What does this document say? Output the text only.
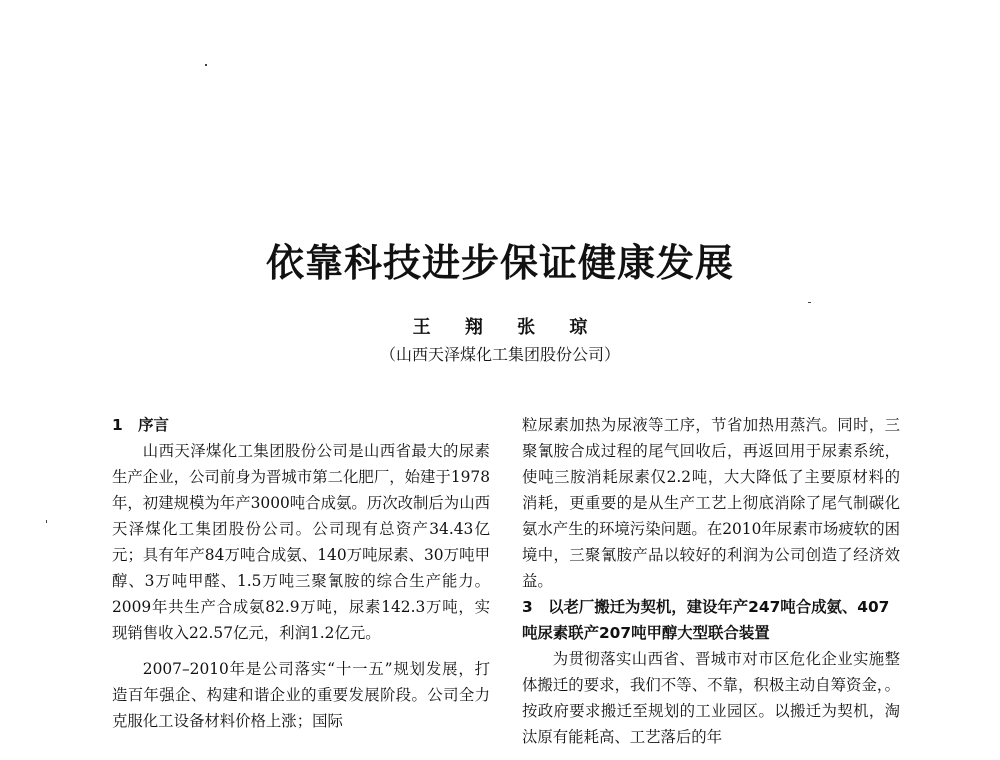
依靠科技进步保证健康发展
王 翔 张 琼
（山西天泽煤化工集团股份公司）
1　序言

山西天泽煤化工集团股份公司是山西省最大的尿素生产企业，公司前身为晋城市第二化肥厂，始建于1978年，初建规模为年产3000吨合成氨。历次改制后为山西天泽煤化工集团股份公司。公司现有总资产34.43亿元；具有年产84万吨合成氨、140万吨尿素、30万吨甲醇、3万吨甲醛、1.5万吨三聚氰胺的综合生产能力。2009年共生产合成氨82.9万吨，尿素142.3万吨，实现销售收入22.57亿元，利润1.2亿元。

2007–2010年是公司落实“十一五”规划发展，打造百年强企、构建和谐企业的重要发展阶段。公司全力克服化工设备材料价格上涨；国际

粒尿素加热为尿液等工序，节省加热用蒸汽。同时，三聚氰胺合成过程的尾气回收后，再返回用于尿素系统，使吨三胺消耗尿素仅2.2吨，大大降低了主要原材料的消耗，更重要的是从生产工艺上彻底消除了尾气制碳化氨水产生的环境污染问题。在2010年尿素市场疲软的困境中，三聚氰胺产品以较好的利润为公司创造了经济效益。

3　以老厂搬迁为契机，建设年产247吨合成氨、407吨尿素联产207吨甲醇大型联合装置

为贯彻落实山西省、晋城市对市区危化企业实施整体搬迁的要求，我们不等、不靠，积极主动自筹资金，。按政府要求搬迁至规划的工业园区。以搬迁为契机，淘汰原有能耗高、工艺落后的年
